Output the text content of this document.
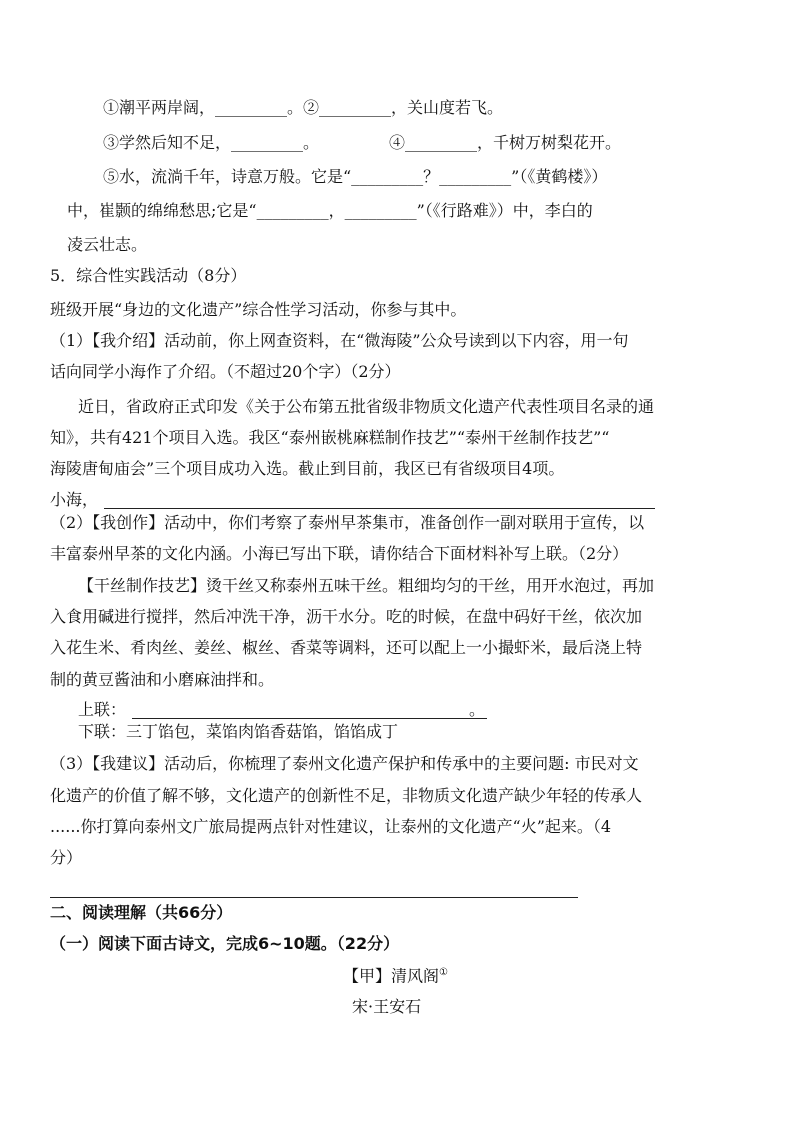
①潮平两岸阔，_________。②_________，关山度若飞。
③学然后知不足，_________。	④_________，千树万树梨花开。
⑤水，流淌千年，诗意万般。它是“_________？_________”（《黄鹤楼》）
中，崔颢的绵绵愁思;它是“_________，_________”（《行路难》）中，李白的
凌云壮志。
5．综合性实践活动（8分）
班级开展“身边的文化遗产”综合性学习活动，你参与其中。
（1）【我介绍】活动前，你上网查资料，在“微海陵”公众号读到以下内容，用一句
话向同学小海作了介绍。（不超过20个字）（2分）
近日，省政府正式印发《关于公布第五批省级非物质文化遗产代表性项目名录的通
知》，共有421个项目入选。我区“泰州嵌桃麻糕制作技艺”“泰州干丝制作技艺”“
海陵唐甸庙会”三个项目成功入选。截止到目前，我区已有省级项目4项。
小海，
（2）【我创作】活动中，你们考察了泰州早茶集市，准备创作一副对联用于宣传，以
丰富泰州早茶的文化内涵。小海已写出下联，请你结合下面材料补写上联。（2分）
【干丝制作技艺】烫干丝又称泰州五味干丝。粗细均匀的干丝，用开水泡过，再加
入食用碱进行搅拌，然后冲洗干净，沥干水分。吃的时候，在盘中码好干丝，依次加
入花生米、肴肉丝、姜丝、椒丝、香菜等调料，还可以配上一小撮虾米，最后浇上特
制的黄豆酱油和小磨麻油拌和。
上联：	。
下联：三丁馅包，菜馅肉馅香菇馅，馅馅成丁
（3）【我建议】活动后，你梳理了泰州文化遗产保护和传承中的主要问题: 市民对文
化遗产的价值了解不够，文化遗产的创新性不足，非物质文化遗产缺少年轻的传承人
......你打算向泰州文广旅局提两点针对性建议，让泰州的文化遗产“火”起来。（4
分）
二、阅读理解（共66分）
（一）阅读下面古诗文，完成6~10题。（22分）
【甲】清风阁①
宋·王安石
